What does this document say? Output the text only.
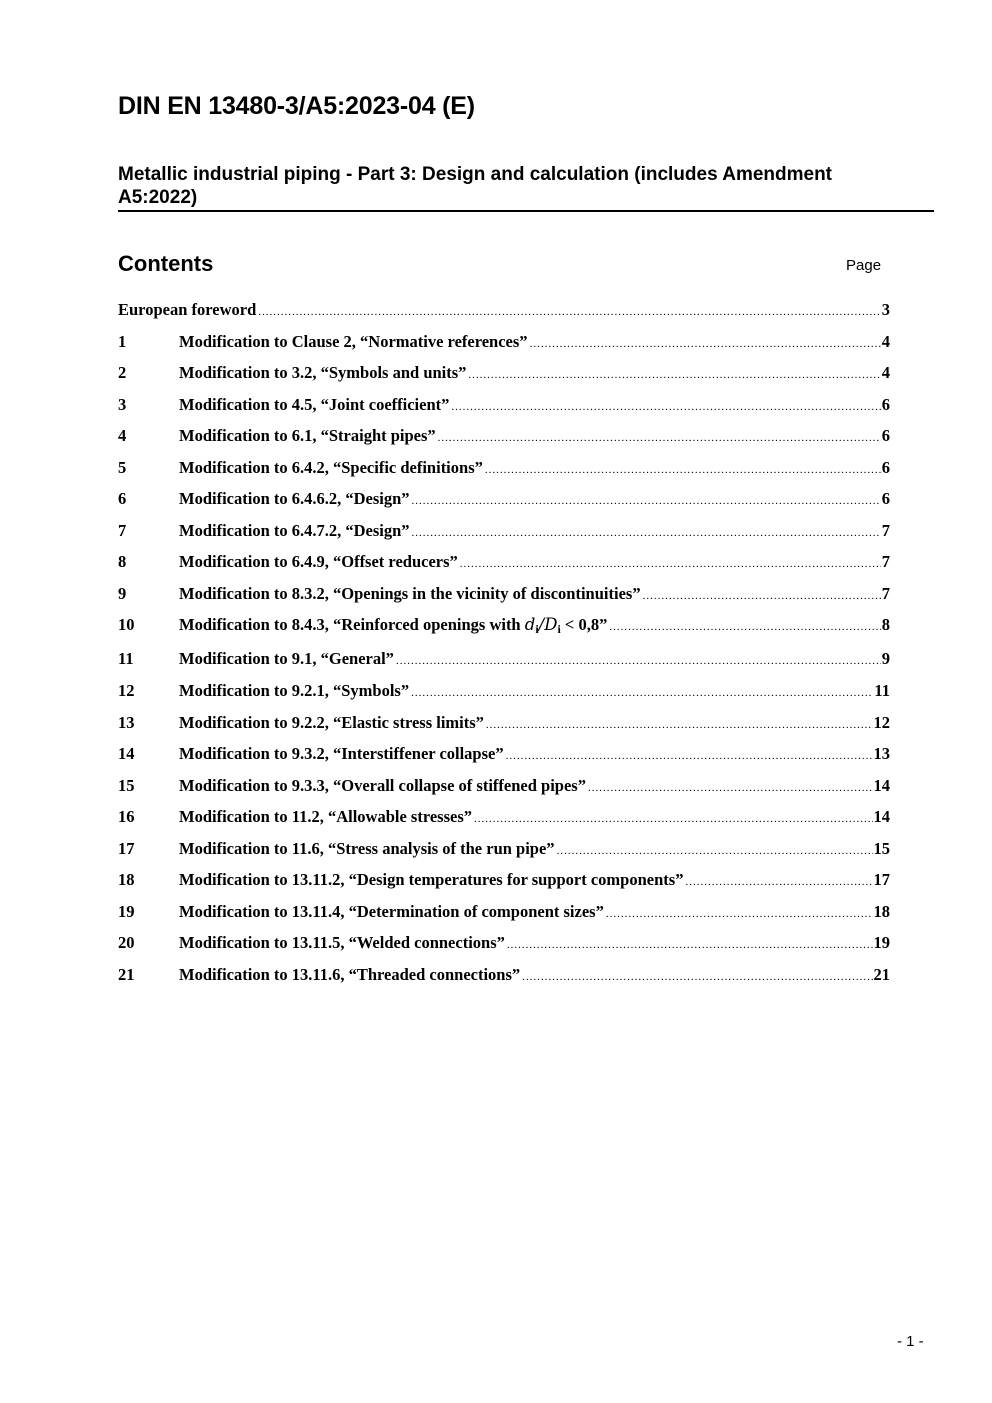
DIN EN 13480-3/A5:2023-04 (E)
Metallic industrial piping - Part 3: Design and calculation (includes Amendment A5:2022)
Contents	Page
European foreword .....	3
1	Modification to Clause 2, “Normative references” .....	4
2	Modification to 3.2, “Symbols and units” .....	4
3	Modification to 4.5, “Joint coefficient” .....	6
4	Modification to 6.1, “Straight pipes” .....	6
5	Modification to 6.4.2, “Specific definitions” .....	6
6	Modification to 6.4.6.2, “Design” .....	6
7	Modification to 6.4.7.2, “Design” .....	7
8	Modification to 6.4.9, “Offset reducers” .....	7
9	Modification to 8.3.2, “Openings in the vicinity of discontinuities” .....	7
10	Modification to 8.4.3, “Reinforced openings with $d_i/D_i < 0,8$” .....	8
11	Modification to 9.1, “General” .....	9
12	Modification to 9.2.1, “Symbols” .....	11
13	Modification to 9.2.2, “Elastic stress limits” .....	12
14	Modification to 9.3.2, “Interstiffener collapse” .....	13
15	Modification to 9.3.3, “Overall collapse of stiffened pipes” .....	14
16	Modification to 11.2, “Allowable stresses” .....	14
17	Modification to 11.6, “Stress analysis of the run pipe” .....	15
18	Modification to 13.11.2, “Design temperatures for support components” .....	17
19	Modification to 13.11.4, “Determination of component sizes” .....	18
20	Modification to 13.11.5, “Welded connections” .....	19
21	Modification to 13.11.6, “Threaded connections” .....	21
- 1 -
